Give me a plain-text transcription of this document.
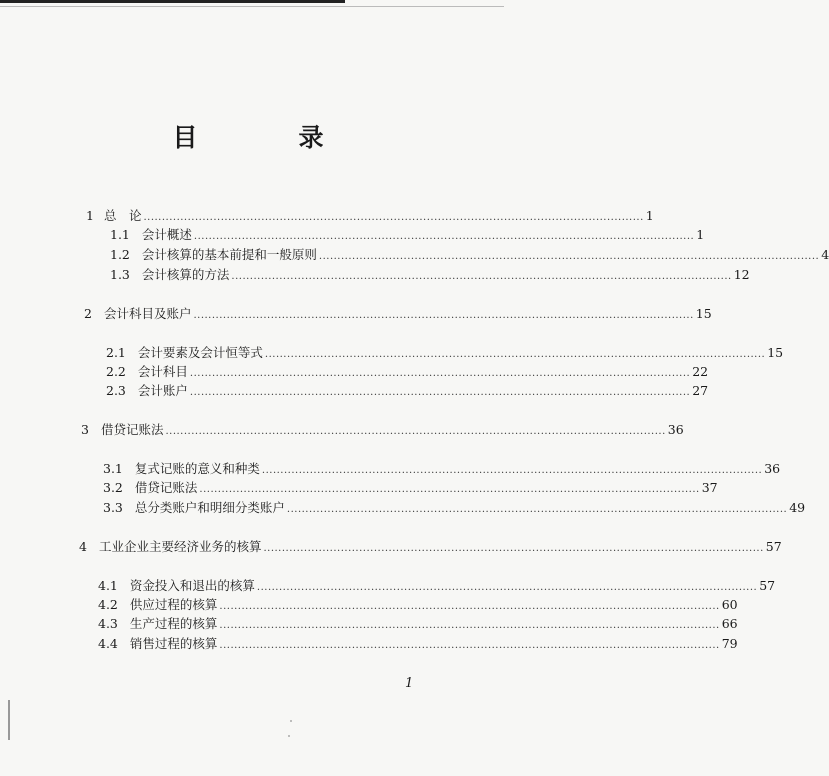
目　录
1 总　论 ........................................................................................................................................ 1
1.1 会计概述 ........................................................................................................................................ 1
1.2 会计核算的基本前提和一般原则 ........................................................................................................................................ 4
1.3 会计核算的方法 ........................................................................................................................................ 12
2 会计科目及账户 ........................................................................................................................................ 15
2.1 会计要素及会计恒等式 ........................................................................................................................................ 15
2.2 会计科目 ........................................................................................................................................ 22
2.3 会计账户 ........................................................................................................................................ 27
3 借贷记账法 ........................................................................................................................................ 36
3.1 复式记账的意义和种类 ........................................................................................................................................ 36
3.2 借贷记账法 ........................................................................................................................................ 37
3.3 总分类账户和明细分类账户 ........................................................................................................................................ 49
4 工业企业主要经济业务的核算 ........................................................................................................................................ 57
4.1 资金投入和退出的核算 ........................................................................................................................................ 57
4.2 供应过程的核算 ........................................................................................................................................ 60
4.3 生产过程的核算 ........................................................................................................................................ 66
4.4 销售过程的核算 ........................................................................................................................................ 79
1
